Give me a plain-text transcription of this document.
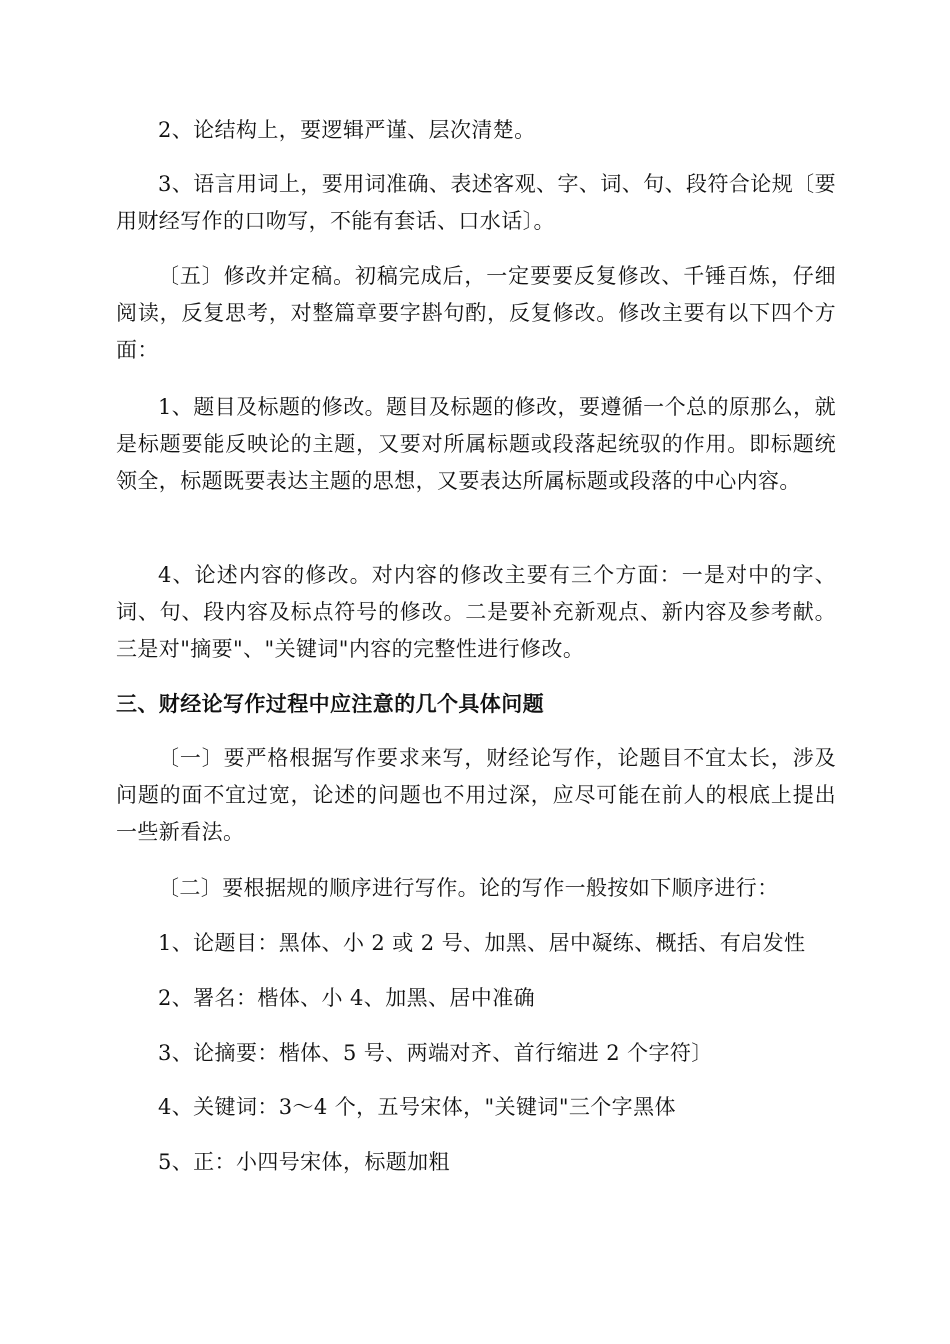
2、论结构上，要逻辑严谨、层次清楚。

3、语言用词上，要用词准确、表述客观、字、词、句、段符合论规〔要用财经写作的口吻写，不能有套话、口水话〕。

〔五〕修改并定稿。初稿完成后，一定要要反复修改、千锤百炼，仔细阅读，反复思考，对整篇章要字斟句酌，反复修改。修改主要有以下四个方面：

1、题目及标题的修改。题目及标题的修改，要遵循一个总的原那么，就是标题要能反映论的主题，又要对所属标题或段落起统驭的作用。即标题统领全，标题既要表达主题的思想，又要表达所属标题或段落的中心内容。

4、论述内容的修改。对内容的修改主要有三个方面：一是对中的字、词、句、段内容及标点符号的修改。二是要补充新观点、新内容及参考献。三是对"摘要"、"关键词"内容的完整性进行修改。

三、财经论写作过程中应注意的几个具体问题

〔一〕要严格根据写作要求来写，财经论写作，论题目不宜太长，涉及问题的面不宜过宽，论述的问题也不用过深，应尽可能在前人的根底上提出一些新看法。

〔二〕要根据规的顺序进行写作。论的写作一般按如下顺序进行：

1、论题目：黑体、小 2 或 2 号、加黑、居中凝练、概括、有启发性

2、署名：楷体、小 4、加黑、居中准确

3、论摘要：楷体、5 号、两端对齐、首行缩进 2 个字符〕

4、关键词：3～4 个，五号宋体，"关键词"三个字黑体

5、正：小四号宋体，标题加粗
